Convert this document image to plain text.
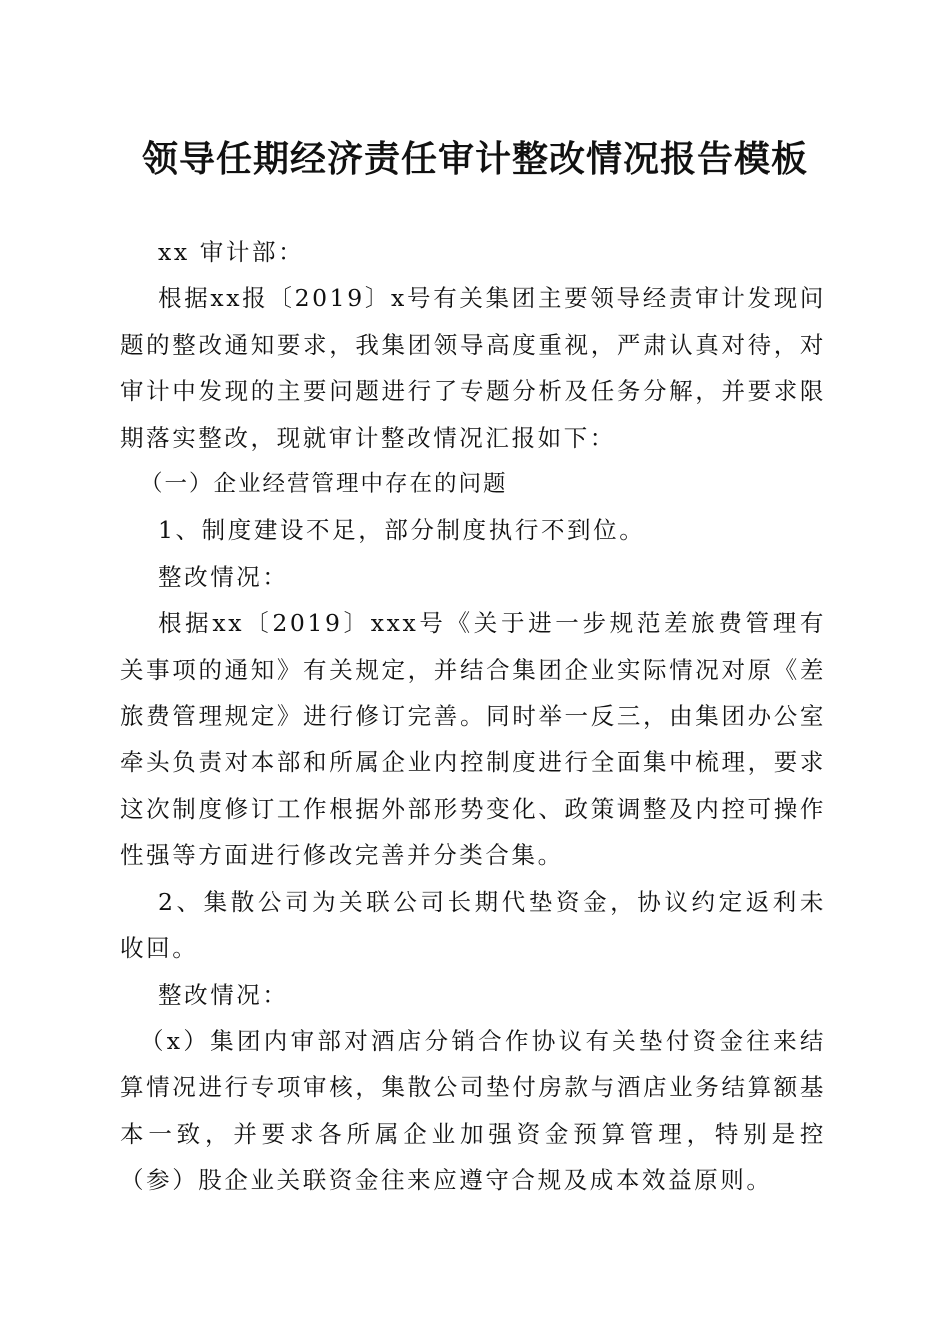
领导任期经济责任审计整改情况报告模板

xx 审计部：

根据xx报〔2019〕x号有关集团主要领导经责审计发现问题的整改通知要求，我集团领导高度重视，严肃认真对待，对审计中发现的主要问题进行了专题分析及任务分解，并要求限期落实整改，现就审计整改情况汇报如下：

（一）企业经营管理中存在的问题

1、制度建设不足，部分制度执行不到位。

整改情况：

根据xx〔2019〕xxx号《关于进一步规范差旅费管理有关事项的通知》有关规定，并结合集团企业实际情况对原《差旅费管理规定》进行修订完善。同时举一反三，由集团办公室牵头负责对本部和所属企业内控制度进行全面集中梳理，要求这次制度修订工作根据外部形势变化、政策调整及内控可操作性强等方面进行修改完善并分类合集。

2、集散公司为关联公司长期代垫资金，协议约定返利未收回。

整改情况：

（x）集团内审部对酒店分销合作协议有关垫付资金往来结算情况进行专项审核，集散公司垫付房款与酒店业务结算额基本一致，并要求各所属企业加强资金预算管理，特别是控（参）股企业关联资金往来应遵守合规及成本效益原则。
